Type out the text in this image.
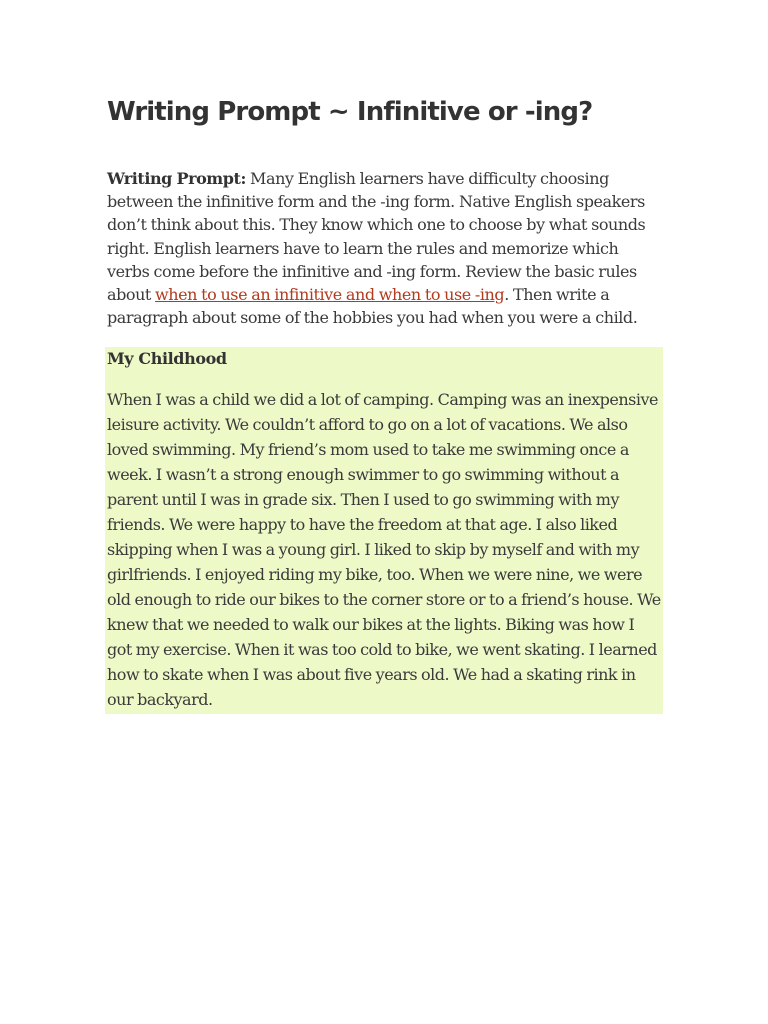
Writing Prompt ~ Infinitive or -ing?

Writing Prompt: Many English learners have difficulty choosing between the infinitive form and the -ing form. Native English speakers don’t think about this. They know which one to choose by what sounds right. English learners have to learn the rules and memorize which verbs come before the infinitive and -ing form. Review the basic rules about when to use an infinitive and when to use -ing. Then write a paragraph about some of the hobbies you had when you were a child.

My Childhood

When I was a child we did a lot of camping. Camping was an inexpensive leisure activity. We couldn’t afford to go on a lot of vacations. We also loved swimming. My friend’s mom used to take me swimming once a week. I wasn’t a strong enough swimmer to go swimming without a parent until I was in grade six. Then I used to go swimming with my friends. We were happy to have the freedom at that age. I also liked skipping when I was a young girl. I liked to skip by myself and with my girlfriends. I enjoyed riding my bike, too. When we were nine, we were old enough to ride our bikes to the corner store or to a friend’s house. We knew that we needed to walk our bikes at the lights. Biking was how I got my exercise. When it was too cold to bike, we went skating. I learned how to skate when I was about five years old. We had a skating rink in our backyard.
